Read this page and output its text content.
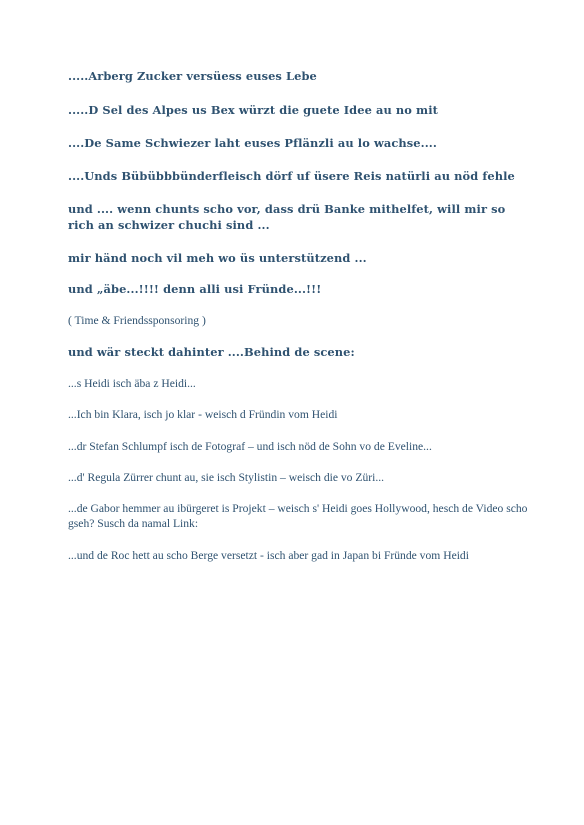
.....Arberg Zucker versüess euses Lebe

.....D Sel des Alpes us Bex würzt die guete Idee au no mit

....De Same Schwiezer laht euses Pflänzli au lo wachse....

....Unds Bübübbbünderfleisch dörf uf üsere Reis natürli au nöd fehle

und .... wenn chunts scho vor, dass drü Banke mithelfet, will mir so rich an schwizer chuchi sind ...

mir händ noch vil meh wo üs unterstützend ...

und „äbe...!!!! denn alli usi Fründe...!!!

( Time & Friendssponsoring )

und wär steckt dahinter ....Behind de scene:

...s Heidi isch äba z Heidi...

...Ich bin Klara, isch jo klar - weisch d Fründin vom Heidi

...dr Stefan Schlumpf isch de Fotograf – und isch nöd de Sohn vo de Eveline...

...d' Regula Zürrer chunt au, sie isch Stylistin – weisch die vo Züri...

...de Gabor hemmer au ibürgeret is Projekt – weisch s' Heidi goes Hollywood, hesch de Video scho gseh? Susch da namal Link:

...und de Roc hett au scho Berge versetzt - isch aber gad in Japan bi Fründe vom Heidi
